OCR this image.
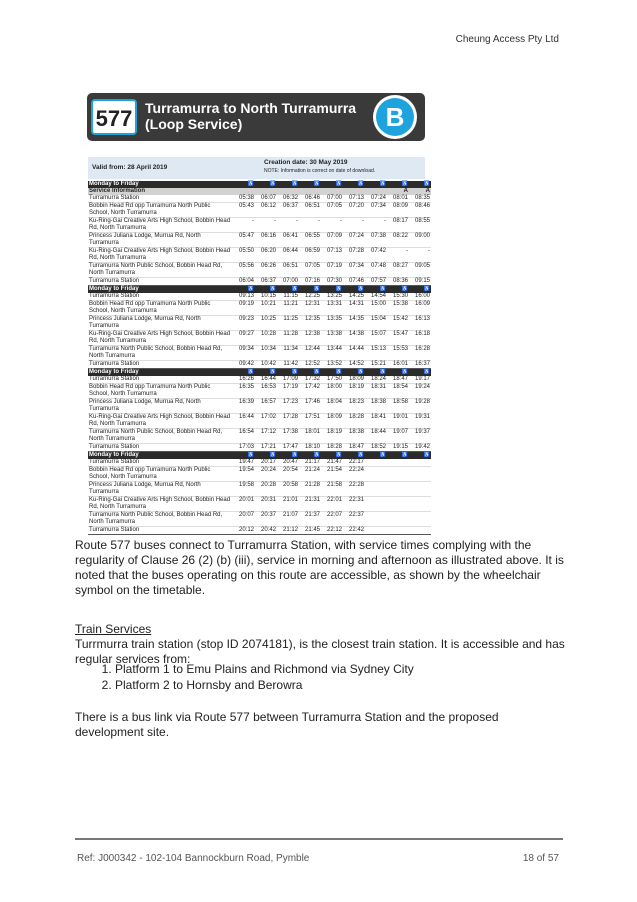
Cheung Access Pty Ltd
577 Turramurra to North Turramurra
(Loop Service)	B
Valid from: 28 April 2019
Creation date: 30 May 2019
NOTE: Information is correct on date of download.
Monday to Friday	♿	♿	♿	♿	♿	♿	♿	♿	♿
Service Information								A	A
Turramurra Station	05:38	06:07	06:32	06:46	07:00	07:13	07:24	08:01	08:35
Bobbin Head Rd opp Turramurra North Public School, North Turramurra	05:43	06:12	06:37	06:51	07:05	07:20	07:34	08:09	08:46
Ku-Ring-Gai Creative Arts High School, Bobbin Head Rd, North Turramurra	-	-	-	-	-	-	-	08:17	08:55
Princess Juliana Lodge, Murrua Rd, North Turramurra	05:47	06:16	06:41	06:55	07:09	07:24	07:38	08:22	09:00
Ku-Ring-Gai Creative Arts High School, Bobbin Head Rd, North Turramurra	05:50	06:20	06:44	06:59	07:13	07:28	07:42	-	-
Turramurra North Public School, Bobbin Head Rd, North Turramurra	05:56	06:26	06:51	07:05	07:19	07:34	07:48	08:27	09:05
Turramurra Station	06:04	06:37	07:00	07:16	07:30	07:46	07:57	08:36	09:15
Monday to Friday	♿	♿	♿	♿	♿	♿	♿	♿	♿
Turramurra Station	09:13	10:15	11:15	12:25	13:25	14:25	14:54	15:30	16:00
Bobbin Head Rd opp Turramurra North Public School, North Turramurra	09:19	10:21	11:21	12:31	13:31	14:31	15:00	15:38	16:09
Princess Juliana Lodge, Murrua Rd, North Turramurra	09:23	10:25	11:25	12:35	13:35	14:35	15:04	15:42	16:13
Ku-Ring-Gai Creative Arts High School, Bobbin Head Rd, North Turramurra	09:27	10:28	11:28	12:38	13:38	14:38	15:07	15:47	16:18
Turramurra North Public School, Bobbin Head Rd, North Turramurra	09:34	10:34	11:34	12:44	13:44	14:44	15:13	15:53	16:28
Turramurra Station	09:42	10:42	11:42	12:52	13:52	14:52	15:21	16:01	16:37
Monday to Friday	♿	♿	♿	♿	♿	♿	♿	♿	♿
Turramurra Station	16:26	16:44	17:09	17:32	17:50	18:09	18:24	18:47	19:17
Bobbin Head Rd opp Turramurra North Public School, North Turramurra	16:35	16:53	17:19	17:42	18:00	18:19	18:31	18:54	19:24
Princess Juliana Lodge, Murrua Rd, North Turramurra	16:39	16:57	17:23	17:46	18:04	18:23	18:38	18:58	19:28
Ku-Ring-Gai Creative Arts High School, Bobbin Head Rd, North Turramurra	16:44	17:02	17:28	17:51	18:09	18:28	18:41	19:01	19:31
Turramurra North Public School, Bobbin Head Rd, North Turramurra	16:54	17:12	17:38	18:01	18:19	18:38	18:44	19:07	19:37
Turramurra Station	17:03	17:21	17:47	18:10	18:28	18:47	18:52	19:15	19:42
Monday to Friday	♿	♿	♿	♿	♿	♿	♿	♿	♿
Turramurra Station	19:47	20:17	20:47	21:17	21:47	22:17			
Bobbin Head Rd opp Turramurra North Public School, North Turramurra	19:54	20:24	20:54	21:24	21:54	22:24			
Princess Juliana Lodge, Murrua Rd, North Turramurra	19:58	20:28	20:58	21:28	21:58	22:28			
Ku-Ring-Gai Creative Arts High School, Bobbin Head Rd, North Turramurra	20:01	20:31	21:01	21:31	22:01	22:31			
Turramurra North Public School, Bobbin Head Rd, North Turramurra	20:07	20:37	21:07	21:37	22:07	22:37			
Turramurra Station	20:12	20:42	21:12	21:45	22:12	22:42			
Route 577 buses connect to Turramurra Station, with service times complying with the regularity of Clause 26 (2) (b) (iii), service in morning and afternoon as illustrated above. It is noted that the buses operating on this route are accessible, as shown by the wheelchair symbol on the timetable.
Train Services
Turrmurra train station (stop ID 2074181), is the closest train station. It is accessible and has regular services from:
1. Platform 1 to Emu Plains and Richmond via Sydney City
2. Platform 2 to Hornsby and Berowra
There is a bus link via Route 577 between Turramurra Station and the proposed development site.
Ref: J000342 - 102-104 Bannockburn Road, Pymble	18 of 57
